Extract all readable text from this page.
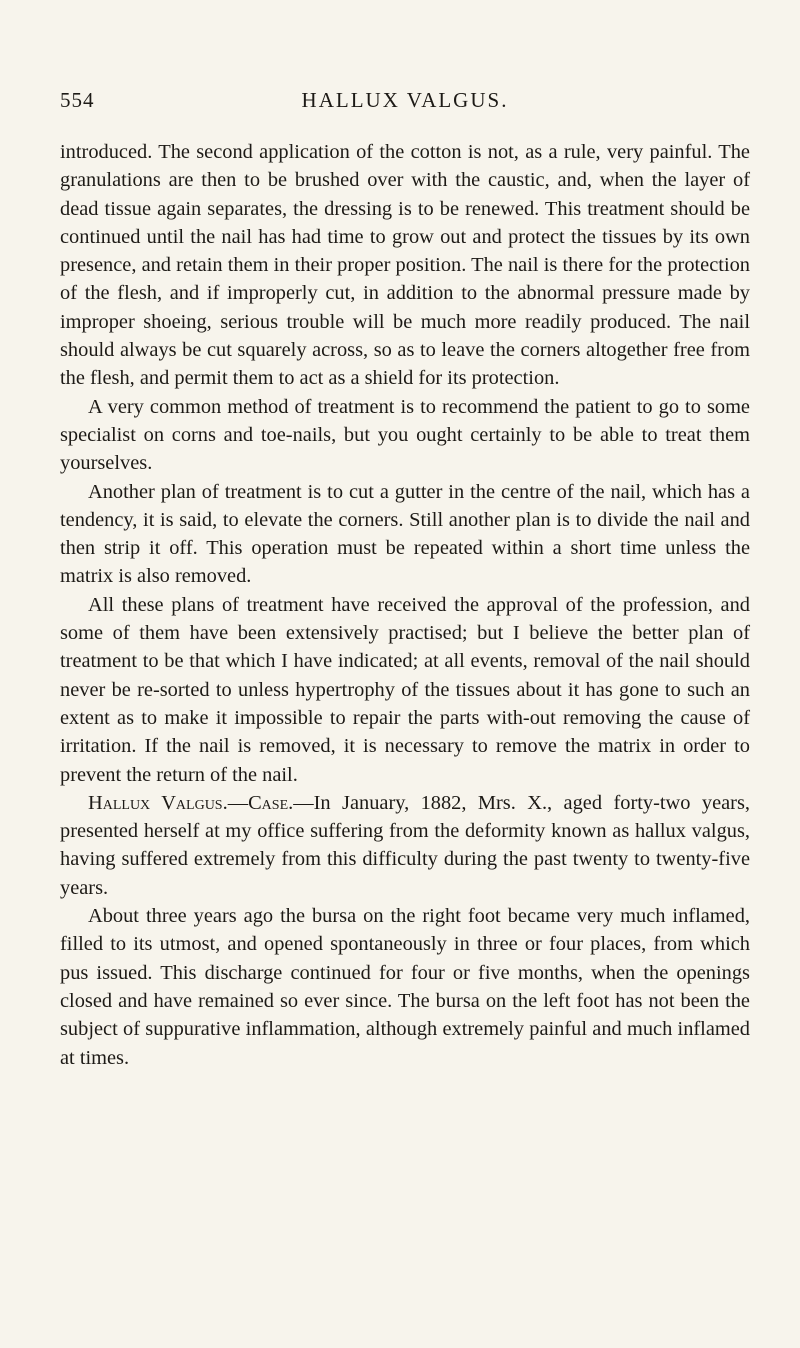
554	HALLUX VALGUS.

introduced. The second application of the cotton is not, as a rule, very painful. The granulations are then to be brushed over with the caustic, and, when the layer of dead tissue again separates, the dressing is to be renewed. This treatment should be continued until the nail has had time to grow out and protect the tissues by its own presence, and retain them in their proper position. The nail is there for the protection of the flesh, and if improperly cut, in addition to the abnormal pressure made by improper shoeing, serious trouble will be much more readily produced. The nail should always be cut squarely across, so as to leave the corners altogether free from the flesh, and permit them to act as a shield for its protection.

A very common method of treatment is to recommend the patient to go to some specialist on corns and toe-nails, but you ought certainly to be able to treat them yourselves.

Another plan of treatment is to cut a gutter in the centre of the nail, which has a tendency, it is said, to elevate the corners. Still another plan is to divide the nail and then strip it off. This operation must be repeated within a short time unless the matrix is also removed.

All these plans of treatment have received the approval of the profession, and some of them have been extensively practised; but I believe the better plan of treatment to be that which I have indicated; at all events, removal of the nail should never be re-sorted to unless hypertrophy of the tissues about it has gone to such an extent as to make it impossible to repair the parts with-out removing the cause of irritation. If the nail is removed, it is necessary to remove the matrix in order to prevent the return of the nail.

Hallux Valgus.—Case.—In January, 1882, Mrs. X., aged forty-two years, presented herself at my office suffering from the deformity known as hallux valgus, having suffered extremely from this difficulty during the past twenty to twenty-five years.

About three years ago the bursa on the right foot became very much inflamed, filled to its utmost, and opened spontaneously in three or four places, from which pus issued. This discharge continued for four or five months, when the openings closed and have remained so ever since. The bursa on the left foot has not been the subject of suppurative inflammation, although extremely painful and much inflamed at times.
